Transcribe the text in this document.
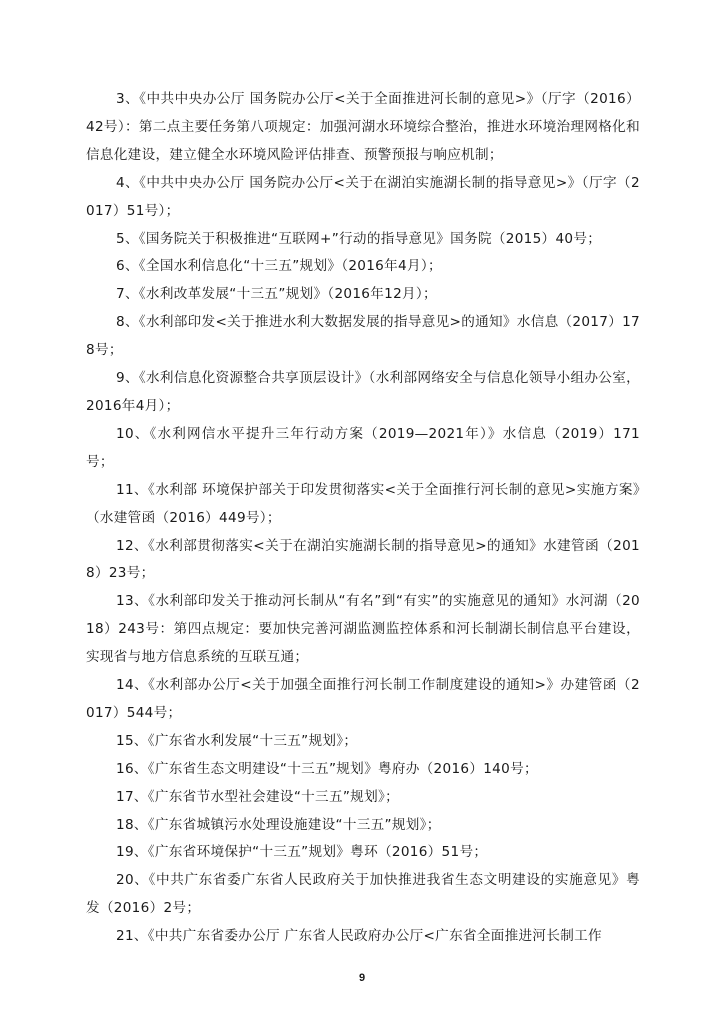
3、《中共中央办公厅 国务院办公厅<关于全面推进河长制的意见>》（厅字（2016）42号）：第二点主要任务第八项规定：加强河湖水环境综合整治，推进水环境治理网格化和信息化建设，建立健全水环境风险评估排查、预警预报与响应机制；

4、《中共中央办公厅 国务院办公厅<关于在湖泊实施湖长制的指导意见>》（厅字（2017）51号）；

5、《国务院关于积极推进“互联网+”行动的指导意见》国务院（2015）40号；

6、《全国水利信息化“十三五”规划》（2016年4月）；

7、《水利改革发展“十三五”规划》（2016年12月）；

8、《水利部印发<关于推进水利大数据发展的指导意见>的通知》水信息（2017）178号；

9、《水利信息化资源整合共享顶层设计》（水利部网络安全与信息化领导小组办公室，2016年4月）；

10、《水利网信水平提升三年行动方案（2019—2021年）》水信息（2019）171号；

11、《水利部 环境保护部关于印发贯彻落实<关于全面推行河长制的意见>实施方案》（水建管函（2016）449号）；

12、《水利部贯彻落实<关于在湖泊实施湖长制的指导意见>的通知》水建管函（2018）23号；

13、《水利部印发关于推动河长制从“有名”到“有实”的实施意见的通知》水河湖（2018）243号：第四点规定：要加快完善河湖监测监控体系和河长制湖长制信息平台建设，实现省与地方信息系统的互联互通；

14、《水利部办公厅<关于加强全面推行河长制工作制度建设的通知>》办建管函（2017）544号；

15、《广东省水利发展“十三五”规划》；

16、《广东省生态文明建设“十三五”规划》粤府办（2016）140号；

17、《广东省节水型社会建设“十三五”规划》；

18、《广东省城镇污水处理设施建设“十三五”规划》；

19、《广东省环境保护“十三五”规划》粤环（2016）51号；

20、《中共广东省委广东省人民政府关于加快推进我省生态文明建设的实施意见》粤发（2016）2号；

21、《中共广东省委办公厅 广东省人民政府办公厅<广东省全面推进河长制工作

9
